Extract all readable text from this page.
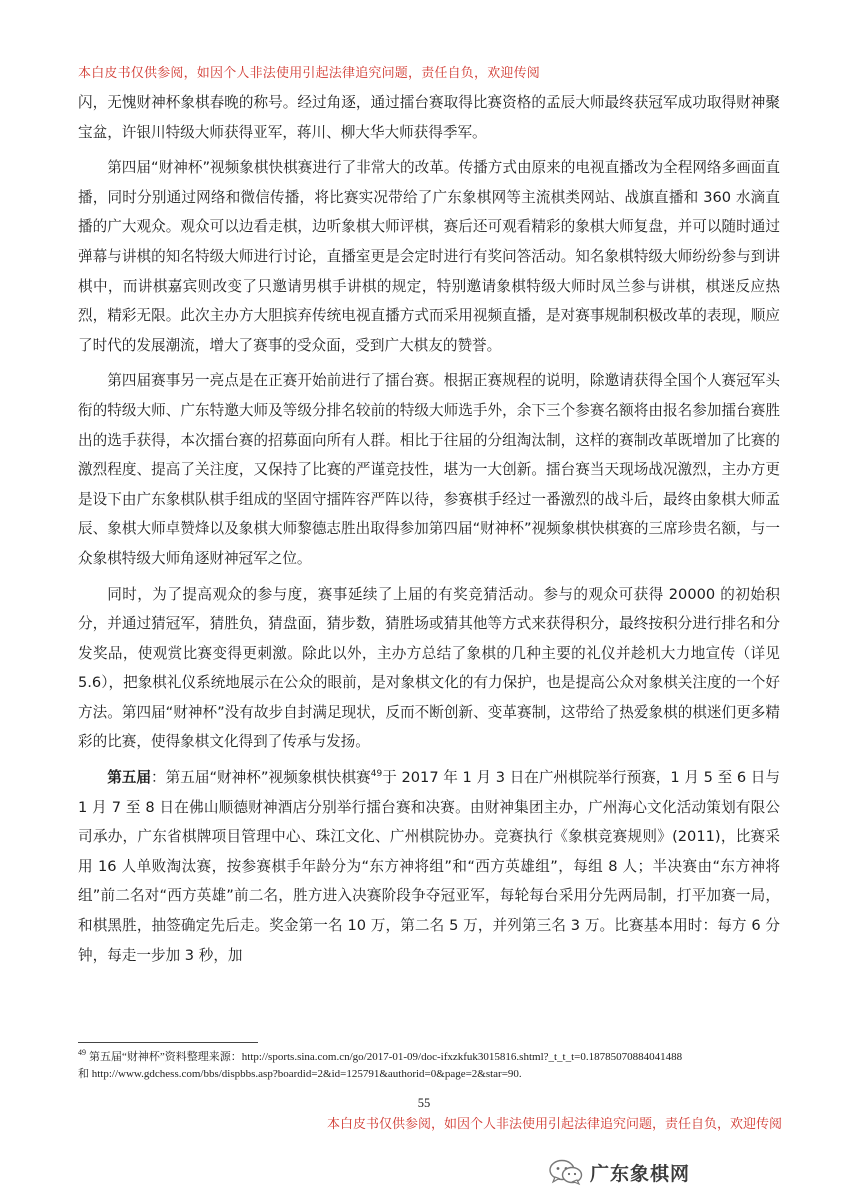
本白皮书仅供参阅，如因个人非法使用引起法律追究问题，责任自负，欢迎传阅

闪，无愧财神杯象棋春晚的称号。经过角逐，通过擂台赛取得比赛资格的孟辰大师最终获冠军成功取得财神聚宝盆，许银川特级大师获得亚军，蒋川、柳大华大师获得季军。

第四届“财神杯”视频象棋快棋赛进行了非常大的改革。传播方式由原来的电视直播改为全程网络多画面直播，同时分别通过网络和微信传播，将比赛实况带给了广东象棋网等主流棋类网站、战旗直播和 360 水滴直播的广大观众。观众可以边看走棋，边听象棋大师评棋，赛后还可观看精彩的象棋大师复盘，并可以随时通过弹幕与讲棋的知名特级大师进行讨论，直播室更是会定时进行有奖问答活动。知名象棋特级大师纷纷参与到讲棋中，而讲棋嘉宾则改变了只邀请男棋手讲棋的规定，特别邀请象棋特级大师时凤兰参与讲棋，棋迷反应热烈，精彩无限。此次主办方大胆摈弃传统电视直播方式而采用视频直播，是对赛事规制积极改革的表现，顺应了时代的发展潮流，增大了赛事的受众面，受到广大棋友的赞誉。

第四届赛事另一亮点是在正赛开始前进行了擂台赛。根据正赛规程的说明，除邀请获得全国个人赛冠军头衔的特级大师、广东特邀大师及等级分排名较前的特级大师选手外，余下三个参赛名额将由报名参加擂台赛胜出的选手获得，本次擂台赛的招募面向所有人群。相比于往届的分组淘汰制，这样的赛制改革既增加了比赛的激烈程度、提高了关注度，又保持了比赛的严谨竞技性，堪为一大创新。擂台赛当天现场战况激烈，主办方更是设下由广东象棋队棋手组成的坚固守擂阵容严阵以待，参赛棋手经过一番激烈的战斗后，最终由象棋大师孟辰、象棋大师卓赞烽以及象棋大师黎德志胜出取得参加第四届“财神杯”视频象棋快棋赛的三席珍贵名额，与一众象棋特级大师角逐财神冠军之位。

同时，为了提高观众的参与度，赛事延续了上届的有奖竞猜活动。参与的观众可获得 20000 的初始积分，并通过猜冠军，猜胜负，猜盘面，猜步数，猜胜场或猜其他等方式来获得积分，最终按积分进行排名和分发奖品，使观赏比赛变得更刺激。除此以外，主办方总结了象棋的几种主要的礼仪并趁机大力地宣传（详见 5.6），把象棋礼仪系统地展示在公众的眼前，是对象棋文化的有力保护，也是提高公众对象棋关注度的一个好方法。第四届“财神杯”没有故步自封满足现状，反而不断创新、变革赛制，这带给了热爱象棋的棋迷们更多精彩的比赛，使得象棋文化得到了传承与发扬。

第五届：第五届“财神杯”视频象棋快棋赛$^{49}$于 2017 年 1 月 3 日在广州棋院举行预赛，1 月 5 至 6 日与 1 月 7 至 8 日在佛山顺德财神酒店分别举行擂台赛和决赛。由财神集团主办，广州海心文化活动策划有限公司承办，广东省棋牌项目管理中心、珠江文化、广州棋院协办。竞赛执行《象棋竞赛规则》(2011)，比赛采用 16 人单败淘汰赛，按参赛棋手年龄分为“东方神将组”和“西方英雄组”，每组 8 人；半决赛由“东方神将组”前二名对“西方英雄”前二名，胜方进入决赛阶段争夺冠亚军，每轮每台采用分先两局制，打平加赛一局，和棋黑胜，抽签确定先后走。奖金第一名 10 万，第二名 5 万，并列第三名 3 万。比赛基本用时：每方 6 分钟，每走一步加 3 秒，加

$^{49}$ 第五届“财神杯”资料整理来源：http://sports.sina.com.cn/go/2017-01-09/doc-ifxzkfuk3015816.shtml?_t_t_t=0.18785070884041488
和 http://www.gdchess.com/bbs/dispbbs.asp?boardid=2&id=125791&authorid=0&page=2&star=90.
55
本白皮书仅供参阅，如因个人非法使用引起法律追究问题，责任自负，欢迎传阅
广东象棋网
